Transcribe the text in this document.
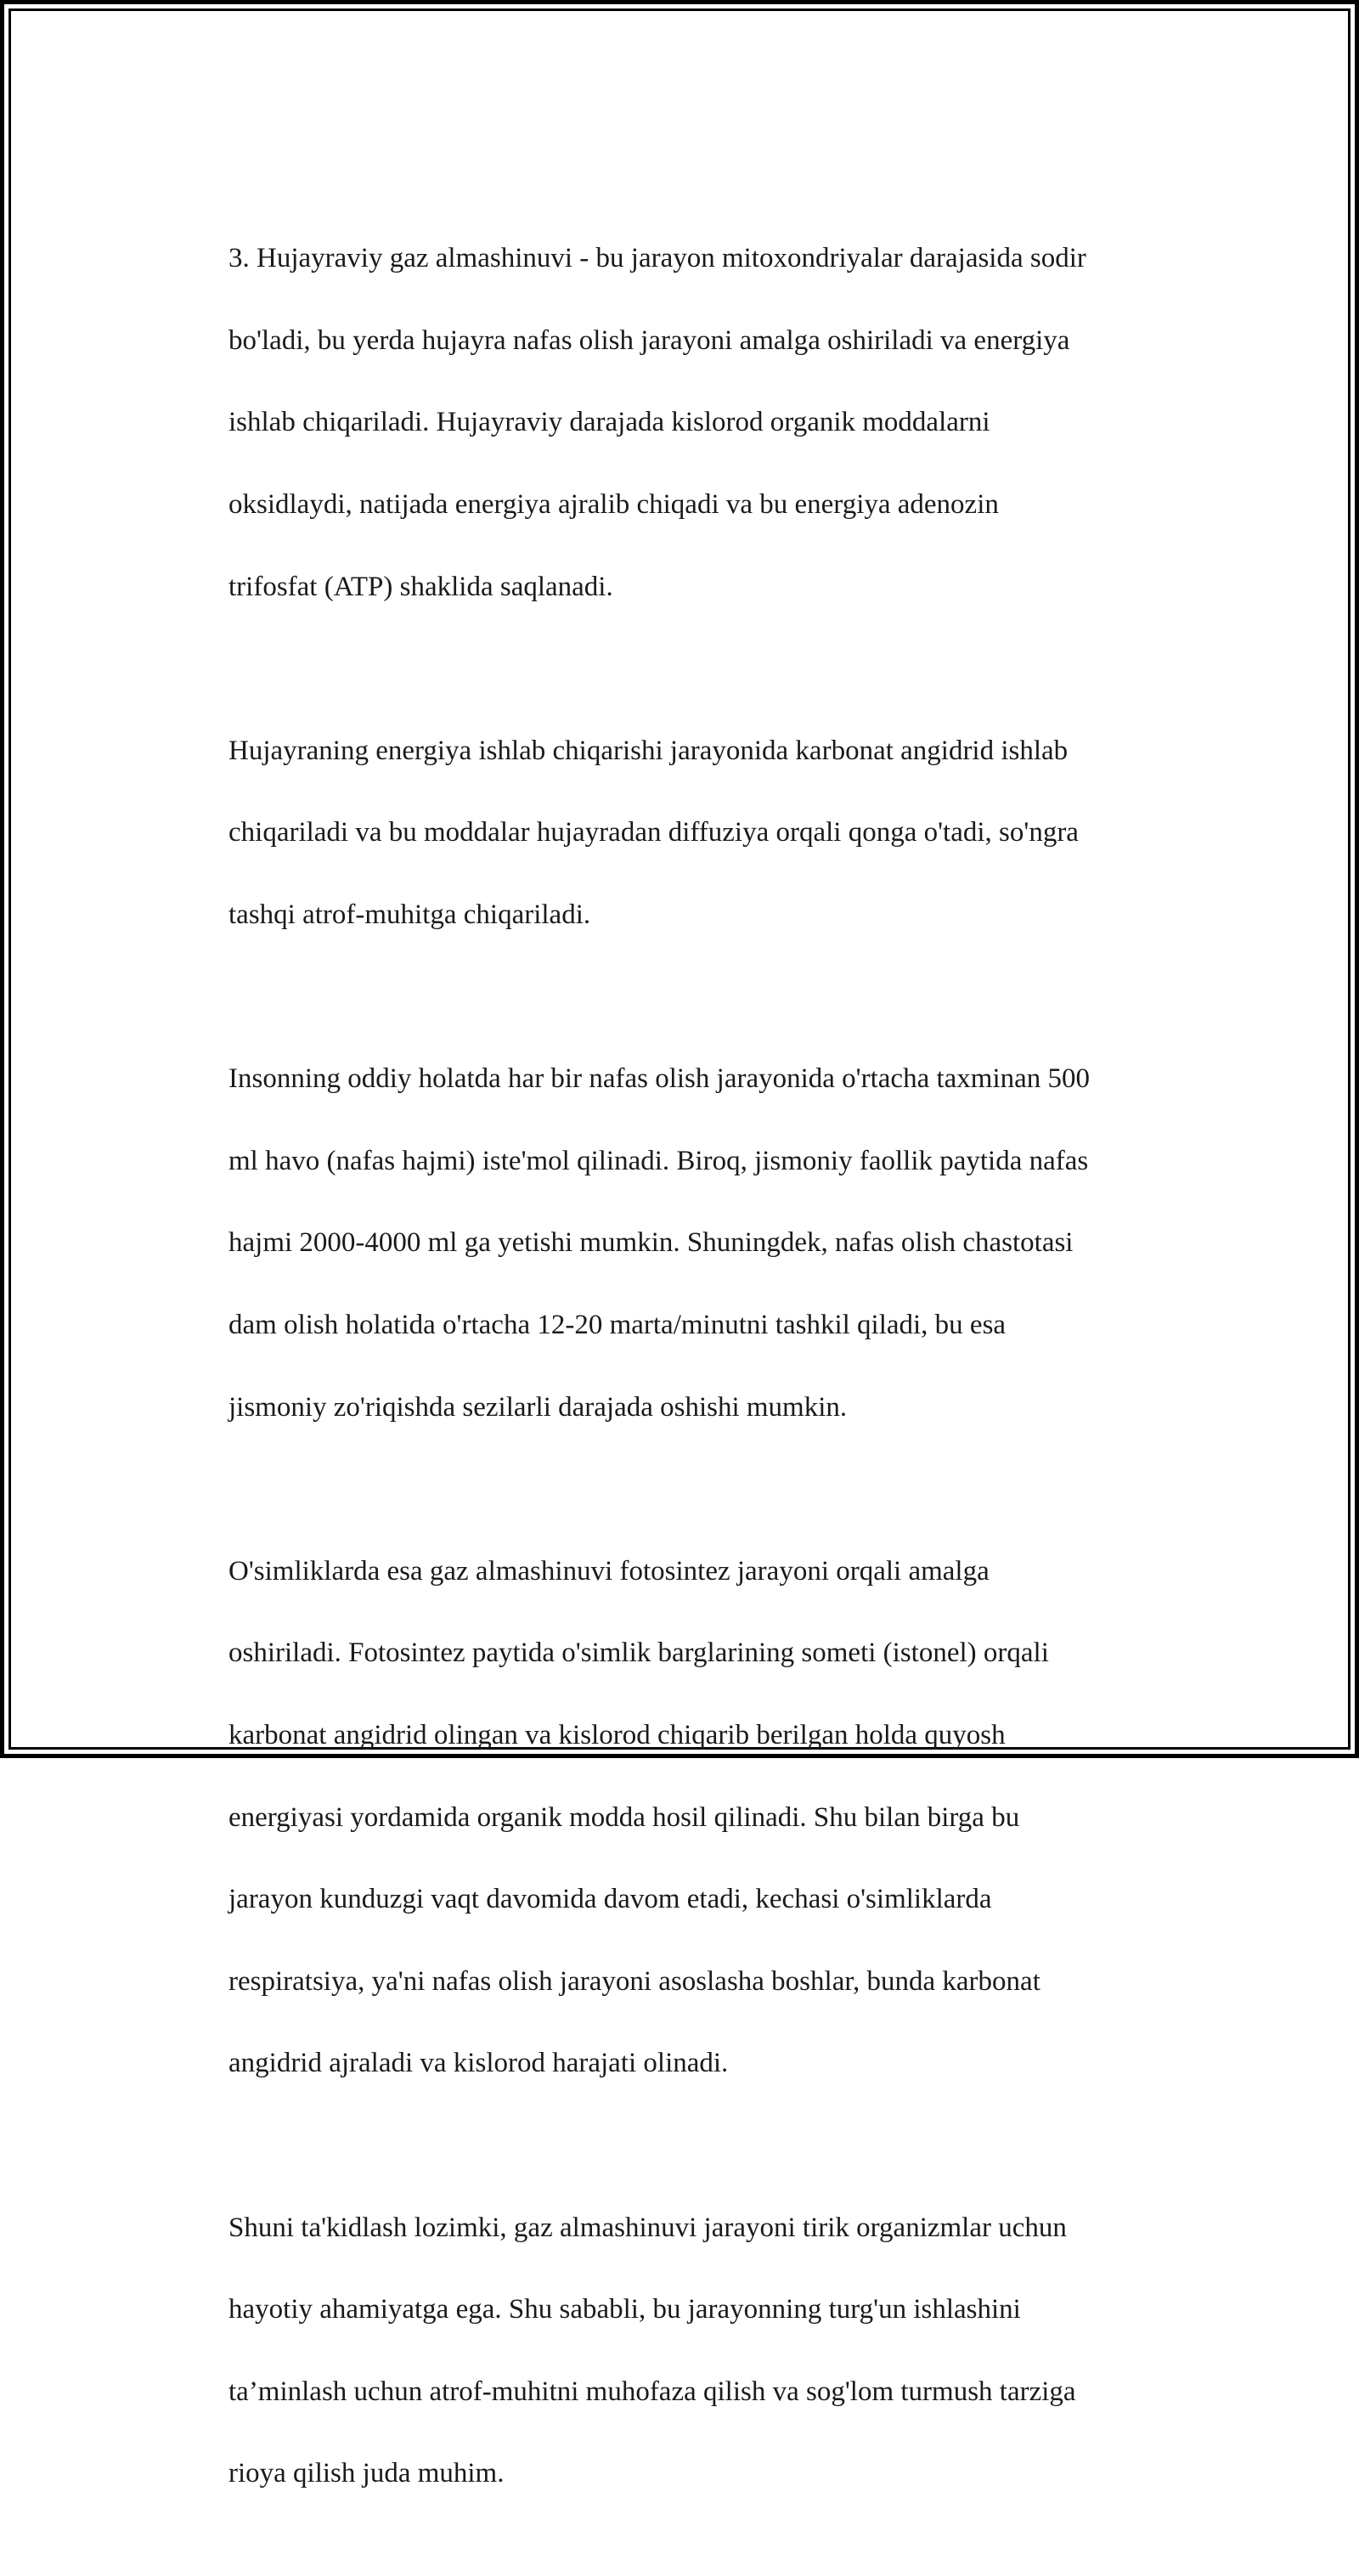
3. Hujayraviy gaz almashinuvi - bu jarayon mitoxondriyalar darajasida sodir

bo'ladi, bu yerda hujayra nafas olish jarayoni amalga oshiriladi va energiya

ishlab chiqariladi. Hujayraviy darajada kislorod organik moddalarni

oksidlaydi, natijada energiya ajralib chiqadi va bu energiya adenozin

trifosfat (ATP) shaklida saqlanadi.

Hujayraning energiya ishlab chiqarishi jarayonida karbonat angidrid ishlab

chiqariladi va bu moddalar hujayradan diffuziya orqali qonga o'tadi, so'ngra

tashqi atrof-muhitga chiqariladi.

Insonning oddiy holatda har bir nafas olish jarayonida o'rtacha taxminan 500

ml havo (nafas hajmi) iste'mol qilinadi. Biroq, jismoniy faollik paytida nafas

hajmi 2000-4000 ml ga yetishi mumkin. Shuningdek, nafas olish chastotasi

dam olish holatida o'rtacha 12-20 marta/minutni tashkil qiladi, bu esa

jismoniy zo'riqishda sezilarli darajada oshishi mumkin.

O'simliklarda esa gaz almashinuvi fotosintez jarayoni orqali amalga

oshiriladi. Fotosintez paytida o'simlik barglarining someti (istonel) orqali

karbonat angidrid olingan va kislorod chiqarib berilgan holda quyosh

energiyasi yordamida organik modda hosil qilinadi. Shu bilan birga bu

jarayon kunduzgi vaqt davomida davom etadi, kechasi o'simliklarda

respiratsiya, ya'ni nafas olish jarayoni asoslasha boshlar, bunda karbonat

angidrid ajraladi va kislorod harajati olinadi.

Shuni ta'kidlash lozimki, gaz almashinuvi jarayoni tirik organizmlar uchun

hayotiy ahamiyatga ega. Shu sababli, bu jarayonning turg'un ishlashini

ta’minlash uchun atrof-muhitni muhofaza qilish va sog'lom turmush tarziga

rioya qilish juda muhim.
